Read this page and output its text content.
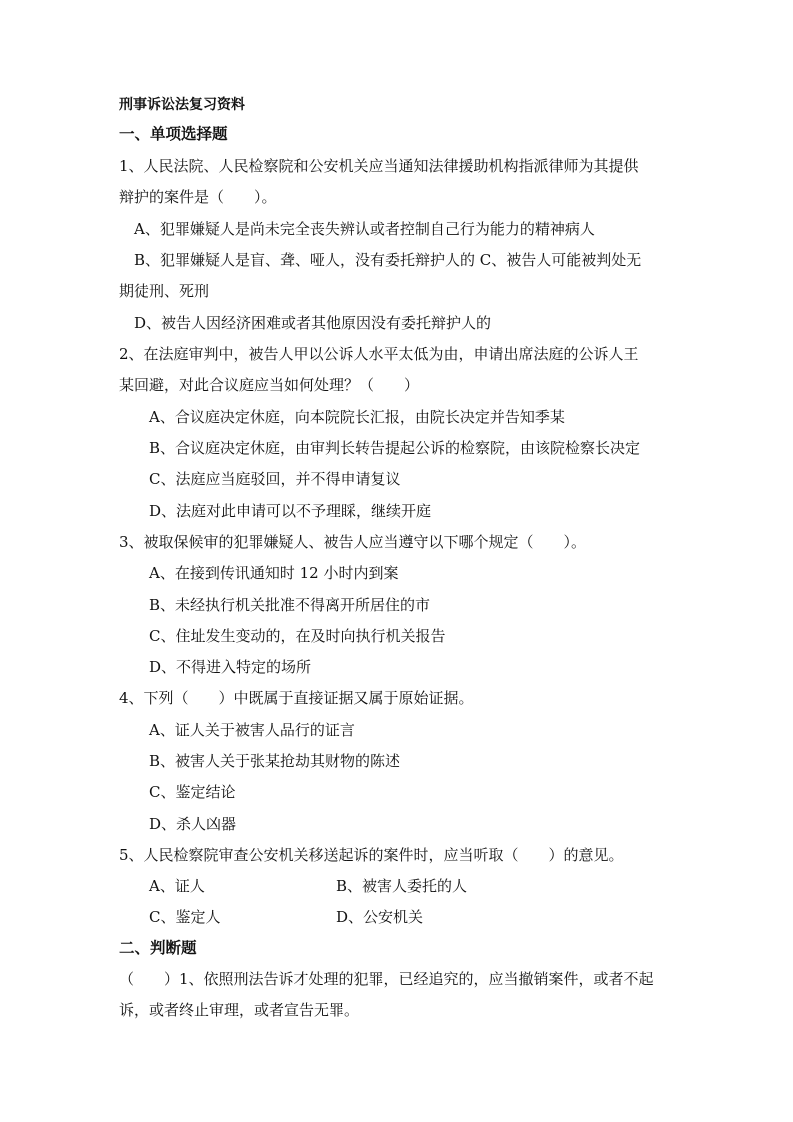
刑事诉讼法复习资料
一、单项选择题
1、人民法院、人民检察院和公安机关应当通知法律援助机构指派律师为其提供
辩护的案件是（　　）。
A、犯罪嫌疑人是尚未完全丧失辨认或者控制自己行为能力的精神病人
B、犯罪嫌疑人是盲、聋、哑人，没有委托辩护人的 C、被告人可能被判处无
期徒刑、死刑
D、被告人因经济困难或者其他原因没有委托辩护人的
2、在法庭审判中，被告人甲以公诉人水平太低为由，申请出席法庭的公诉人王
某回避，对此合议庭应当如何处理？（　　）
A、合议庭决定休庭，向本院院长汇报，由院长决定并告知季某
B、合议庭决定休庭，由审判长转告提起公诉的检察院，由该院检察长决定
C、法庭应当庭驳回，并不得申请复议
D、法庭对此申请可以不予理睬，继续开庭
3、被取保候审的犯罪嫌疑人、被告人应当遵守以下哪个规定（　　）。
A、在接到传讯通知时 12 小时内到案
B、未经执行机关批准不得离开所居住的市
C、住址发生变动的，在及时向执行机关报告
D、不得进入特定的场所
4、下列（　　）中既属于直接证据又属于原始证据。
A、证人关于被害人品行的证言
B、被害人关于张某抢劫其财物的陈述
C、鉴定结论
D、杀人凶器
5、人民检察院审查公安机关移送起诉的案件时，应当听取（　　）的意见。
A、证人	B、被害人委托的人
C、鉴定人	D、公安机关
二、判断题
（　　）1、依照刑法告诉才处理的犯罪，已经追究的，应当撤销案件，或者不起
诉，或者终止审理，或者宣告无罪。
